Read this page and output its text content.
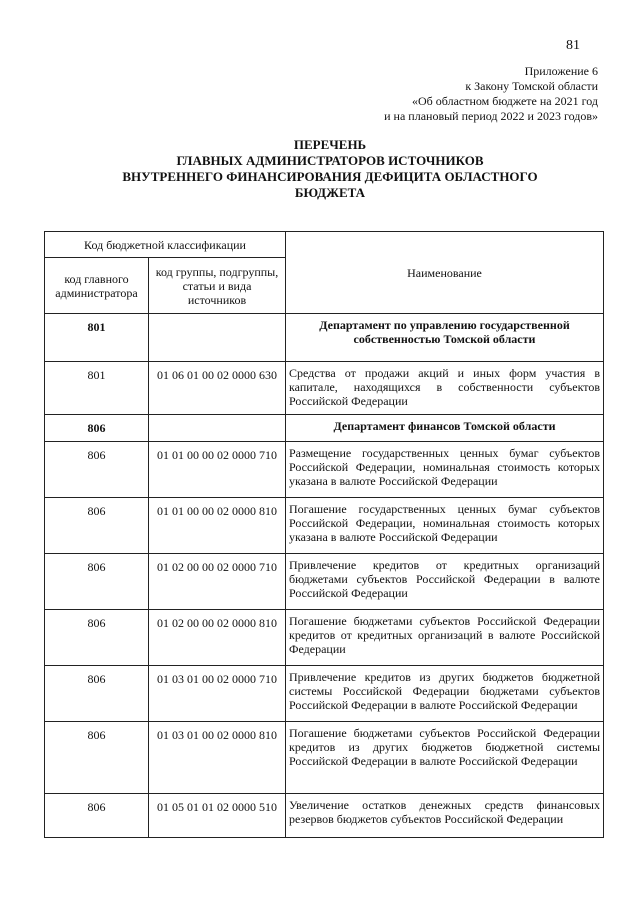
81
Приложение 6
к Закону Томской области
«Об областном бюджете на 2021 год
и на плановый период 2022 и 2023 годов»
ПЕРЕЧЕНЬ
ГЛАВНЫХ АДМИНИСТРАТОРОВ ИСТОЧНИКОВ
ВНУТРЕННЕГО ФИНАНСИРОВАНИЯ ДЕФИЦИТА ОБЛАСТНОГО
БЮДЖЕТА
Код бюджетной классификации		Наименование
код главного администратора	код группы, подгруппы, статьи и вида источников	
801		Департамент по управлению государственной собственностью Томской области
801	01 06 01 00 02 0000 630	Средства от продажи акций и иных форм участия в капитале, находящихся в собственности субъектов Российской Федерации
806		Департамент финансов Томской области
806	01 01 00 00 02 0000 710	Размещение государственных ценных бумаг субъектов Российской Федерации, номинальная стоимость которых указана в валюте Российской Федерации
806	01 01 00 00 02 0000 810	Погашение государственных ценных бумаг субъектов Российской Федерации, номинальная стоимость которых указана в валюте Российской Федерации
806	01 02 00 00 02 0000 710	Привлечение кредитов от кредитных организаций бюджетами субъектов Российской Федерации в валюте Российской Федерации
806	01 02 00 00 02 0000 810	Погашение бюджетами субъектов Российской Федерации кредитов от кредитных организаций в валюте Российской Федерации
806	01 03 01 00 02 0000 710	Привлечение кредитов из других бюджетов бюджетной системы Российской Федерации бюджетами субъектов Российской Федерации в валюте Российской Федерации
806	01 03 01 00 02 0000 810	Погашение бюджетами субъектов Российской Федерации кредитов из других бюджетов бюджетной системы Российской Федерации в валюте Российской Федерации
806	01 05 01 01 02 0000 510	Увеличение остатков денежных средств финансовых резервов бюджетов субъектов Российской Федерации
